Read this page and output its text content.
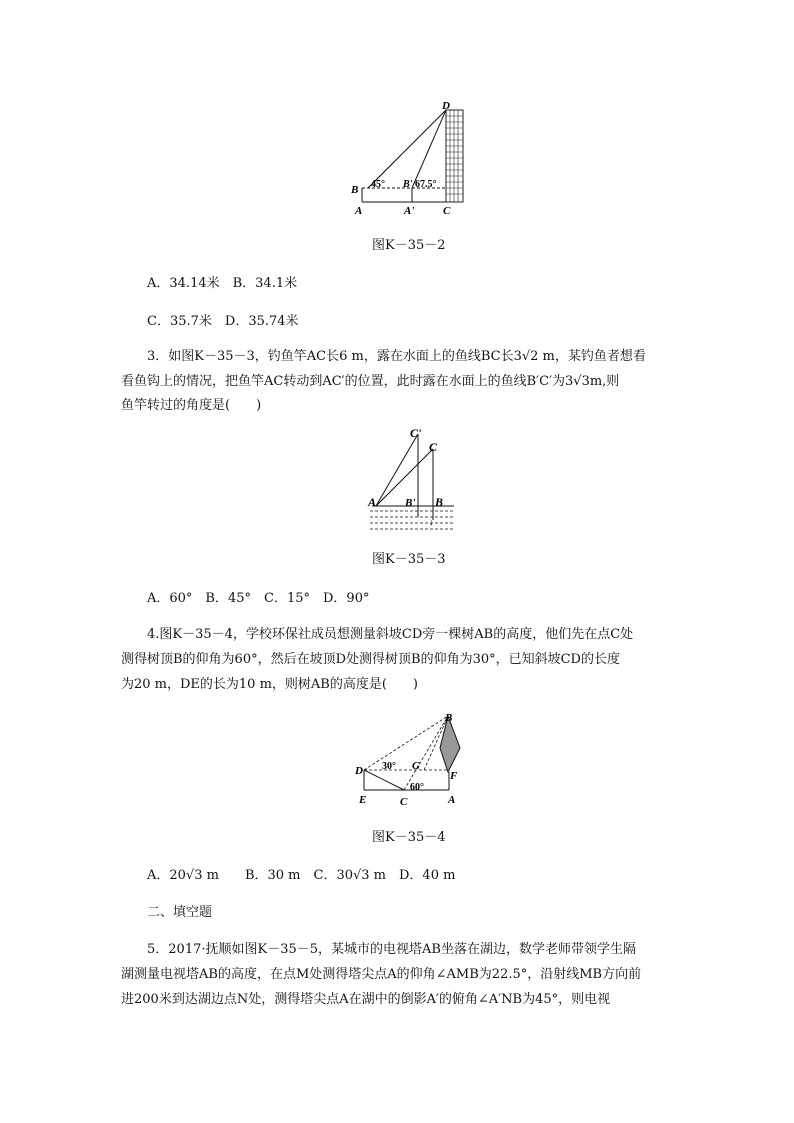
D
B	B'
A	A'	C
45°	67.5°
图K－35－2
A．34.14米　B．34.1米
C．35.7米　D．35.74米
3．如图K－35－3，钓鱼竿AC长6 m，露在水面上的鱼线BC长3√2 m，某钓鱼者想看
看鱼钩上的情况，把鱼竿AC转动到AC′的位置，此时露在水面上的鱼线B′C′为3√3m,则
鱼竿转过的角度是(　　)
↓
C'
C
A	B' B
图K－35－3
A．60°　B．45°　C．15°　D．90°
4.图K－35－4，学校环保社成员想测量斜坡CD旁一棵树AB的高度，他们先在点C处
测得树顶B的仰角为60°，然后在坡顶D处测得树顶B的仰角为30°，已知斜坡CD的长度
为20 m，DE的长为10 m，则树AB的高度是(　　)
B
D	G
F
E	C	A
30°
60°
图K－35－4
A．20√3 m　　B．30 m　C．30√3 m　D．40 m
二、填空题
5．2017·抚顺如图K－35－5，某城市的电视塔AB坐落在湖边，数学老师带领学生隔
湖测量电视塔AB的高度，在点M处测得塔尖点A的仰角∠AMB为22.5°，沿射线MB方向前
进200米到达湖边点N处，测得塔尖点A在湖中的倒影A′的俯角∠A′NB为45°，则电视
